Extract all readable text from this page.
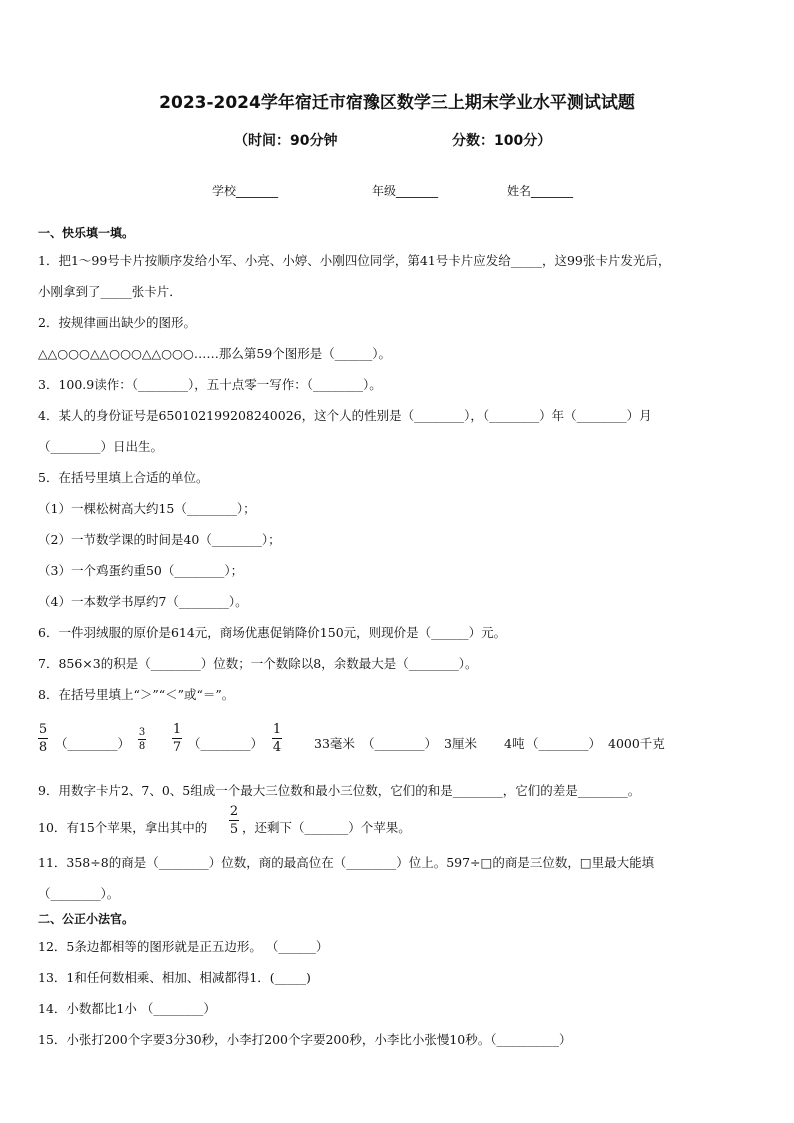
2023-2024学年宿迁市宿豫区数学三上期末学业水平测试试题
（时间：90分钟	分数：100分）
学校_______	年级_______	姓名_______
一、快乐填一填。
1．把1～99号卡片按顺序发给小军、小亮、小婷、小刚四位同学，第41号卡片应发给_____，这99张卡片发光后，
小刚拿到了_____张卡片．
2．按规律画出缺少的图形。
△△○○○△△○○○△△○○○……那么第59个图形是（______）。
3．100.9读作：（________），五十点零一写作：（________）。
4．某人的身份证号是650102199208240026，这个人的性别是（________），（________）年（________）月
（________）日出生。
5．在括号里填上合适的单位。
（1）一棵松树高大约15（________）；
（2）一节数学课的时间是40（________）；
（3）一个鸡蛋约重50（________）；
（4）一本数学书厚约7（________）。
6．一件羽绒服的原价是614元，商场优惠促销降价150元，则现价是（______）元。
7．856×3的积是（________）位数；一个数除以8，余数最大是（________）。
8．在括号里填上“＞”“＜”或“＝”。
5
8 （________）
3
8
1
7 （________）
1
4	33毫米 （________） 3厘米 4吨 （________） 4000千克
9．用数字卡片2、7、0、5组成一个最大三位数和最小三位数，它们的和是________，它们的差是________。
10．有15个苹果，拿出其中的
2
5 ，还剩下（_______）个苹果。
11．358÷8的商是（________）位数，商的最高位在（________）位上。597÷□的商是三位数，□里最大能填
（________）。
二、公正小法官。
12．5条边都相等的图形就是正五边形。 （______）
13．1和任何数相乘、相加、相减都得1．(_____)
14．小数都比1小 （________）
15．小张打200个字要3分30秒，小李打200个字要200秒，小李比小张慢10秒。（__________）
